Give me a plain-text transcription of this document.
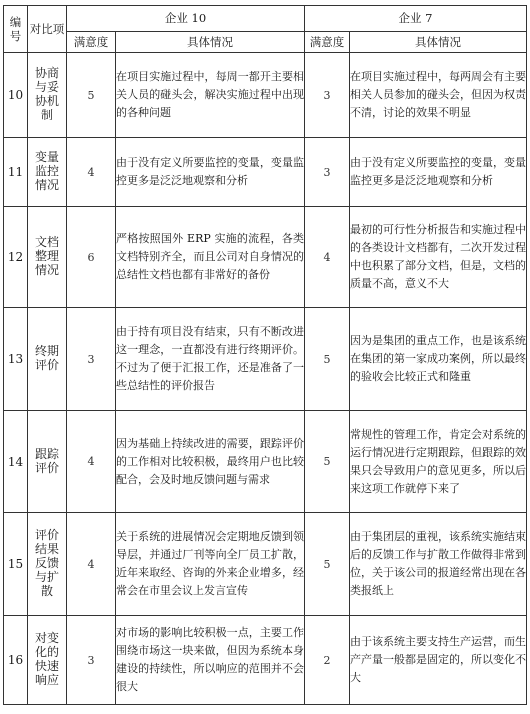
编号	对比项	企业 10		企业 7	
		满意度	具体情况	满意度	具体情况
10	协商与妥协机制	5	在项目实施过程中，每周一都开主要相关人员的碰头会，解决实施过程中出现的各种问题	3	在项目实施过程中，每两周会有主要相关人员参加的碰头会，但因为权责不清，讨论的效果不明显
11	变量监控情况	4	由于没有定义所要监控的变量，变量监控更多是泛泛地观察和分析	3	由于没有定义所要监控的变量，变量监控更多是泛泛地观察和分析
12	文档整理情况	6	严格按照国外 ERP 实施的流程，各类文档特别齐全，而且公司对自身情况的总结性文档也都有非常好的备份	4	最初的可行性分析报告和实施过程中的各类设计文档都有，二次开发过程中也积累了部分文档，但是，文档的质量不高，意义不大
13	终期评价	3	由于持有项目没有结束，只有不断改进这一理念，一直都没有进行终期评价。不过为了便于汇报工作，还是准备了一些总结性的评价报告	5	因为是集团的重点工作，也是该系统在集团的第一家成功案例，所以最终的验收会比较正式和隆重
14	跟踪评价	4	因为基础上持续改进的需要，跟踪评价的工作相对比较积极，最终用户也比较配合，会及时地反馈问题与需求	5	常规性的管理工作，肯定会对系统的运行情况进行定期跟踪，但跟踪的效果只会导致用户的意见更多，所以后来这项工作就停下来了
15	评价结果反馈与扩散	4	关于系统的进展情况会定期地反馈到领导层，并通过厂刊等向全厂员工扩散，近年来取经、咨询的外来企业增多，经常会在市里会议上发言宣传	5	由于集团层的重视，该系统实施结束后的反馈工作与扩散工作做得非常到位，关于该公司的报道经常出现在各类报纸上
16	对变化的快速响应	3	对市场的影响比较积极一点，主要工作围绕市场这一块来做，但因为系统本身建设的持续性，所以响应的范围并不会很大	2	由于该系统主要支持生产运营，而生产产量一般都是固定的，所以变化不大
